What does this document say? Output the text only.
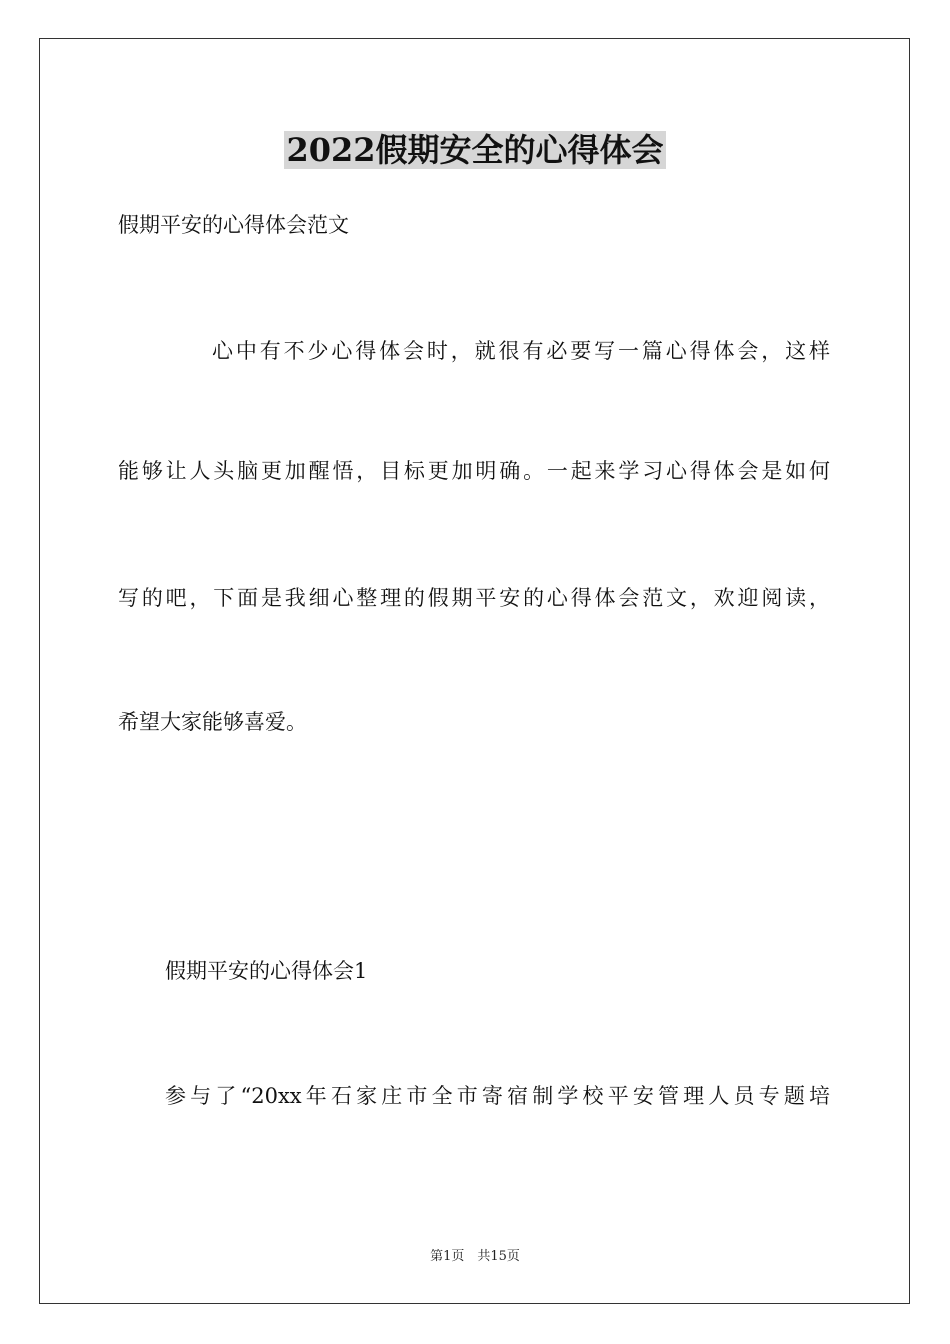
2022假期安全的心得体会
假期平安的心得体会范文
心中有不少心得体会时，就很有必要写一篇心得体会，这样
能够让人头脑更加醒悟，目标更加明确。一起来学习心得体会是如何
写的吧，下面是我细心整理的假期平安的心得体会范文，欢迎阅读，
希望大家能够喜爱。
假期平安的心得体会1
参与了“20xx年石家庄市全市寄宿制学校平安管理人员专题培
第1页　共15页
